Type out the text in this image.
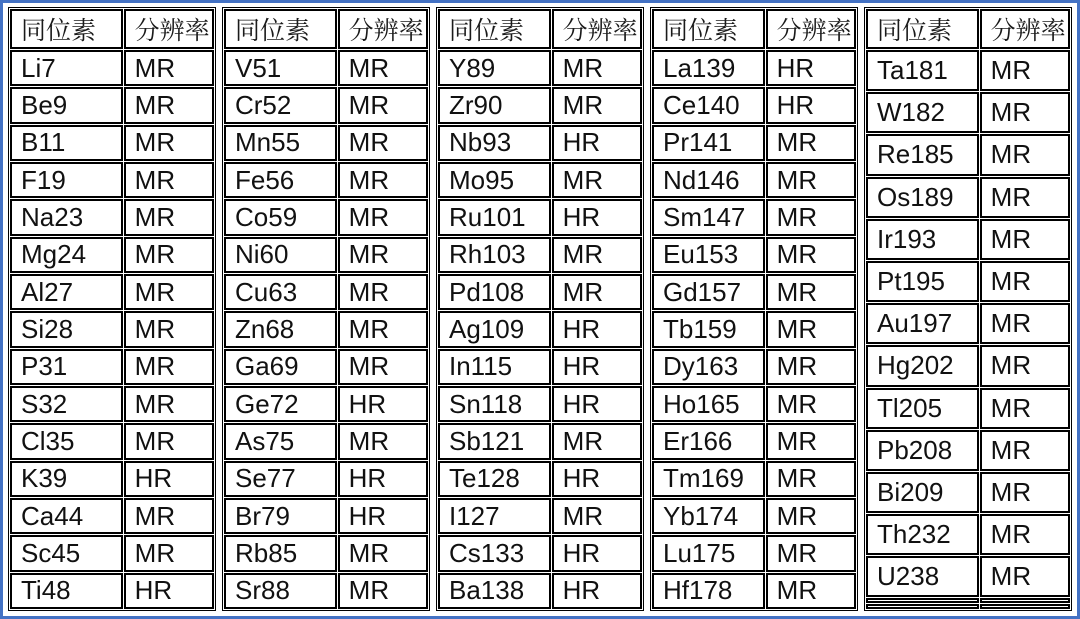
同位素	分辨率
Li7	MR
Be9	MR
B11	MR
F19	MR
Na23	MR
Mg24	MR
Al27	MR
Si28	MR
P31	MR
S32	MR
Cl35	MR
K39	HR
Ca44	MR
Sc45	MR
Ti48	HR
同位素	分辨率
V51	MR
Cr52	MR
Mn55	MR
Fe56	MR
Co59	MR
Ni60	MR
Cu63	MR
Zn68	MR
Ga69	MR
Ge72	HR
As75	MR
Se77	HR
Br79	HR
Rb85	MR
Sr88	MR
同位素	分辨率
Y89	MR
Zr90	MR
Nb93	HR
Mo95	MR
Ru101	HR
Rh103	MR
Pd108	MR
Ag109	HR
In115	HR
Sn118	HR
Sb121	MR
Te128	HR
I127	MR
Cs133	HR
Ba138	HR
同位素	分辨率
La139	HR
Ce140	HR
Pr141	MR
Nd146	MR
Sm147	MR
Eu153	MR
Gd157	MR
Tb159	MR
Dy163	MR
Ho165	MR
Er166	MR
Tm169	MR
Yb174	MR
Lu175	MR
Hf178	MR
同位素	分辨率
Ta181	MR
W182	MR
Re185	MR
Os189	MR
Ir193	MR
Pt195	MR
Au197	MR
Hg202	MR
Tl205	MR
Pb208	MR
Bi209	MR
Th232	MR
U238	MR
